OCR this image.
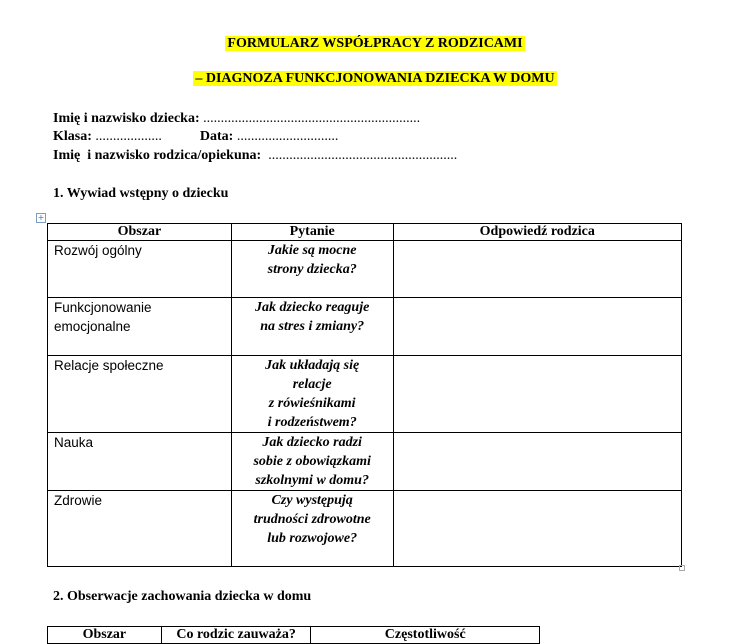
FORMULARZ WSPÓŁPRACY Z RODZICAMI
– DIAGNOZA FUNKCJONOWANIA DZIECKA W DOMU
Imię i nazwisko dziecka: ..............................................................
Klasa: ...................	Data: .............................
Imię  i nazwisko rodzica/opiekuna:  ......................................................
1. Wywiad wstępny o dziecku
+
Obszar	Pytanie	Odpowiedź rodzica
Rozwój ogólny	Jakie są mocne
strony dziecka?	

Funkcjonowanie emocjonalne	Jak dziecko reaguje
na stres i zmiany?	

Relacje społeczne	Jak układają się
relacje
z rówieśnikami
i rodzeństwem?	

Nauka	Jak dziecko radzi
sobie z obowiązkami
szkolnymi w domu?	

Zdrowie	Czy występują
trudności zdrowotne
lub rozwojowe?	

2. Obserwacje zachowania dziecka w domu
Obszar	Co rodzic zauważa?	Częstotliwość
